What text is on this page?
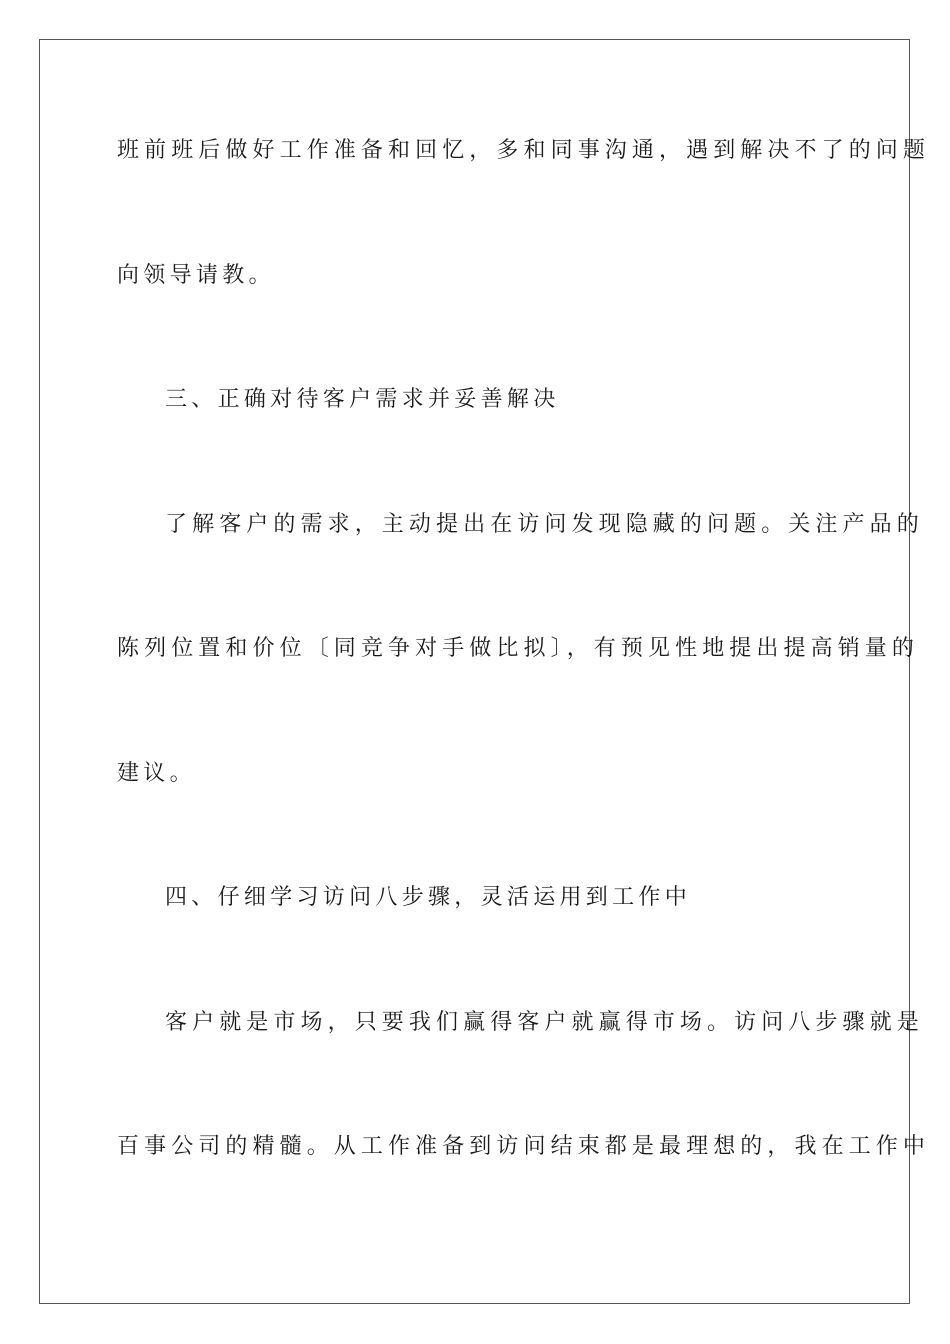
班前班后做好工作准备和回忆，多和同事沟通，遇到解决不了的问题
向领导请教。
三、正确对待客户需求并妥善解决
了解客户的需求，主动提出在访问发现隐藏的问题。关注产品的
陈列位置和价位〔同竞争对手做比拟〕，有预见性地提出提高销量的
建议。
四、仔细学习访问八步骤，灵活运用到工作中
客户就是市场，只要我们赢得客户就赢得市场。访问八步骤就是
百事公司的精髓。从工作准备到访问结束都是最理想的，我在工作中
